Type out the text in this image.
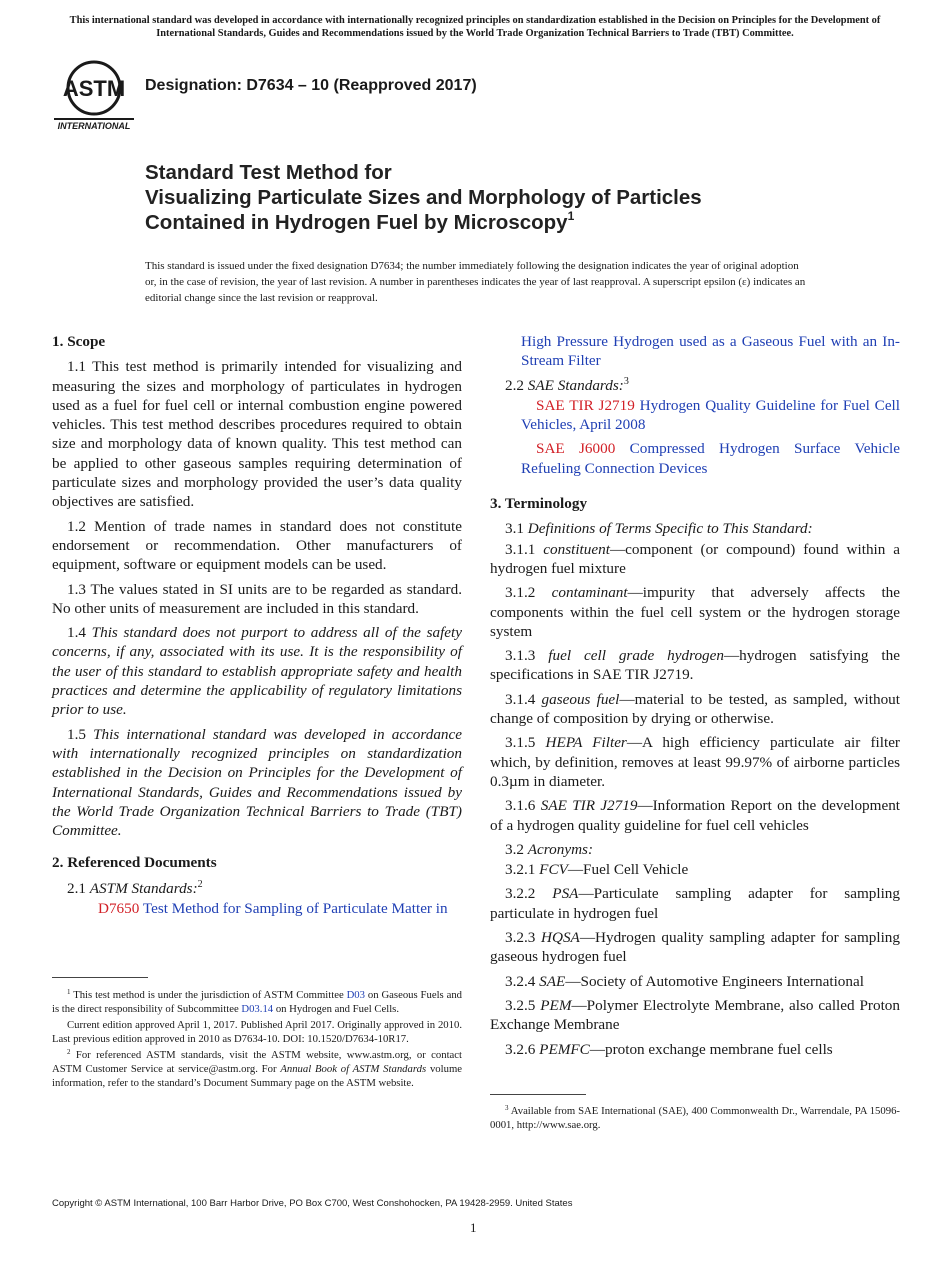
This international standard was developed in accordance with internationally recognized principles on standardization established in the Decision on Principles for the Development of International Standards, Guides and Recommendations issued by the World Trade Organization Technical Barriers to Trade (TBT) Committee.
ASTM
INTERNATIONAL
Designation: D7634 – 10 (Reapproved 2017)
Standard Test Method for
Visualizing Particulate Sizes and Morphology of Particles
Contained in Hydrogen Fuel by Microscopy$^1$
This standard is issued under the fixed designation D7634; the number immediately following the designation indicates the year of original adoption or, in the case of revision, the year of last revision. A number in parentheses indicates the year of last reapproval. A superscript epsilon (ε) indicates an editorial change since the last revision or reapproval.
1. Scope

1.1 This test method is primarily intended for visualizing and measuring the sizes and morphology of particulates in hydrogen used as a fuel for fuel cell or internal combustion engine powered vehicles. This test method describes procedures required to obtain size and morphology data of known quality. This test method can be applied to other gaseous samples requiring determination of particulate sizes and morphology provided the user’s data quality objectives are satisfied.

1.2 Mention of trade names in standard does not constitute endorsement or recommendation. Other manufacturers of equipment, software or equipment models can be used.

1.3 The values stated in SI units are to be regarded as standard. No other units of measurement are included in this standard.

1.4 This standard does not purport to address all of the safety concerns, if any, associated with its use. It is the responsibility of the user of this standard to establish appropriate safety and health practices and determine the applicability of regulatory limitations prior to use.

1.5 This international standard was developed in accordance with internationally recognized principles on standardization established in the Decision on Principles for the Development of International Standards, Guides and Recommendations issued by the World Trade Organization Technical Barriers to Trade (TBT) Committee.

2. Referenced Documents

2.1 ASTM Standards:$^2$

D7650 Test Method for Sampling of Particulate Matter in

High Pressure Hydrogen used as a Gaseous Fuel with an In-Stream Filter

2.2 SAE Standards:$^3$

SAE TIR J2719 Hydrogen Quality Guideline for Fuel Cell Vehicles, April 2008

SAE J6000 Compressed Hydrogen Surface Vehicle Refueling Connection Devices

3. Terminology

3.1 Definitions of Terms Specific to This Standard:

3.1.1 constituent—component (or compound) found within a hydrogen fuel mixture

3.1.2 contaminant—impurity that adversely affects the components within the fuel cell system or the hydrogen storage system

3.1.3 fuel cell grade hydrogen—hydrogen satisfying the specifications in SAE TIR J2719.

3.1.4 gaseous fuel—material to be tested, as sampled, without change of composition by drying or otherwise.

3.1.5 HEPA Filter—A high efficiency particulate air filter which, by definition, removes at least 99.97% of airborne particles 0.3µm in diameter.

3.1.6 SAE TIR J2719—Information Report on the development of a hydrogen quality guideline for fuel cell vehicles

3.2 Acronyms:

3.2.1 FCV—Fuel Cell Vehicle

3.2.2 PSA—Particulate sampling adapter for sampling particulate in hydrogen fuel

3.2.3 HQSA—Hydrogen quality sampling adapter for sampling gaseous hydrogen fuel

3.2.4 SAE—Society of Automotive Engineers International

3.2.5 PEM—Polymer Electrolyte Membrane, also called Proton Exchange Membrane

3.2.6 PEMFC—proton exchange membrane fuel cells

$^1$ This test method is under the jurisdiction of ASTM Committee D03 on Gaseous Fuels and is the direct responsibility of Subcommittee D03.14 on Hydrogen and Fuel Cells.

Current edition approved April 1, 2017. Published April 2017. Originally approved in 2010. Last previous edition approved in 2010 as D7634-10. DOI: 10.1520/D7634-10R17.

$^2$ For referenced ASTM standards, visit the ASTM website, www.astm.org, or contact ASTM Customer Service at service@astm.org. For Annual Book of ASTM Standards volume information, refer to the standard’s Document Summary page on the ASTM website.

$^3$ Available from SAE International (SAE), 400 Commonwealth Dr., Warrendale, PA 15096-0001, http://www.sae.org.

Copyright © ASTM International, 100 Barr Harbor Drive, PO Box C700, West Conshohocken, PA 19428-2959. United States
1
